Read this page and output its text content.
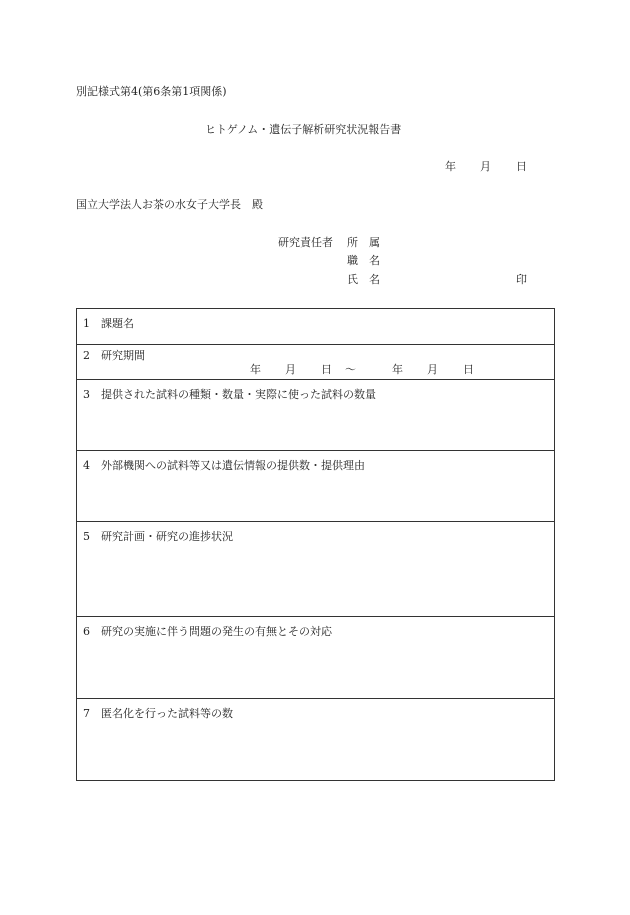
別記様式第4(第6条第1項関係)
ヒトゲノム・遺伝子解析研究状況報告書
年 月 日
国立大学法人お茶の水女子大学長　殿
研究責任者 所　属
職　名
氏　名	印
1 課題名
2 研究期間
年 月 日 ～	年 月 日
3 提供された試料の種類・数量・実際に使った試料の数量
4 外部機関への試料等又は遺伝情報の提供数・提供理由
5 研究計画・研究の進捗状況
6 研究の実施に伴う問題の発生の有無とその対応
7 匿名化を行った試料等の数
